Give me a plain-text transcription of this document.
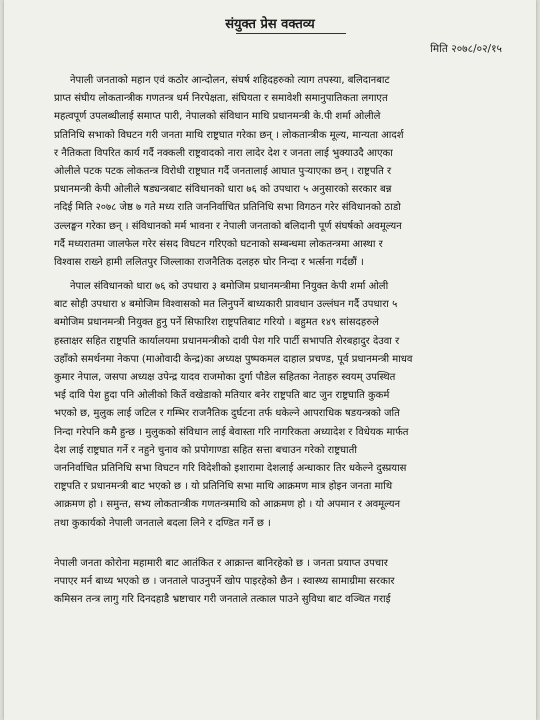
संयुक्त प्रेस वक्तव्य
मिति २०७८/०२/१५
नेपाली जनताको महान एवं कठोर आन्दोलन, संघर्ष शहिदहरुको त्याग तपस्या, बलिदानबाट
प्राप्त संघीय लोकतान्त्रीक गणतन्त्र धर्म निरपेक्षता, संघियता र समावेशी समानुपातिकता लगाएत
महत्वपूर्ण उपलब्धीलाई समाप्त पारी, नेपालको संविधान माथि प्रधानमन्त्री के.पी शर्मा ओलीले
प्रतिनिधि सभाको विघटन गरी जनता माथि राष्ट्रघात गरेका छन् । लोकतान्त्रीक मूल्य, मान्यता आदर्श
र नैतिकता विपरित कार्य गर्दै नक्कली राष्ट्रवादको नारा लादेर देश र जनता लाई भुक्याउदै आएका
ओलीले पटक पटक लोकतन्त्र विरोधी राष्ट्रघात गर्दै जनतालाई आघात पुऱ्याएका छन् । राष्ट्रपति र
प्रधानमन्त्री केपी ओलीले षड्यन्त्रबाट संविधानको धारा ७६ को उपधारा ५ अनुसारको सरकार बन्न
नदिई मिति २०७८ जेष्ठ ७ गते मध्य राति जननिर्वाचित प्रतिनिधि सभा विगठन गरेर संविधानको ठाडो
उल्लङ्घन गरेका छन् । संविधानको मर्म भावना र नेपाली जनताको बलिदानी पूर्ण संघर्षको अवमूल्यन
गर्दै मध्यरातमा जालफेल गरेर संसद विघटन गरिएको घटनाको सम्बन्धमा लोकतन्त्रमा आस्था र
विश्वास राख्ने हामी ललितपुर जिल्लाका राजनैतिक दलहरु घोर निन्दा र भर्त्सना गर्दछौं ।
नेपाल संविधानको धारा ७६ को उपधारा ३ बमोजिम प्रधानमन्त्रीमा नियुक्त केपी शर्मा ओली
बाट सोही उपधारा ४ बमोजिम विश्वासको मत लिनुपर्ने बाध्यकारी प्रावधान उल्लंघन गर्दै उपधारा ५
बमोजिम प्रधानमन्त्री नियुक्त हुनु पर्ने सिफारिश राष्ट्रपतिबाट गरियो । बहुमत १४९ सांसदहरुले
हस्ताक्षर सहित राष्ट्रपति कार्यालयमा प्रधानमन्त्रीको दावी पेश गरि पार्टी सभापति शेरबहादुर देउवा र
उहाँको समर्थनमा नेकपा (माओवादी केन्द्र)का अध्यक्ष पुष्पकमल दाहाल प्रचण्ड, पूर्व प्रधानमन्त्री माधव
कुमार नेपाल, जसपा अध्यक्ष उपेन्द्र यादव राजमोका दुर्गा पौडेल सहितका नेताहरु स्वयम् उपस्थित
भई दावि पेश हुदा पनि ओलीको किर्ते वखेडाको मतियार बनेर राष्ट्रपति बाट जुन राष्ट्रघाति कुकर्म
भएको छ, मुलुक लाई जटिल र गम्भिर राजनैतिक दुर्घटना तर्फ धकेल्ने आपराधिक षडयन्त्रको जति
निन्दा गरेपनि कमै हुन्छ । मुलुकको संविधान लाई बेवास्ता गरि नागरिकता अध्यादेश र विधेयक मार्फत
देश लाई राष्ट्रघात गर्ने र नहुने चुनाव को प्रपोगाण्डा सहित सत्ता बचाउन गरेको राष्ट्रघाती
जननिर्वाचित प्रतिनिधि सभा विघटन गरि विदेशीको इशारामा देशलाई अन्धाकार तिर धकेल्ने दुस्प्रयास
राष्ट्रपति र प्रधानमन्त्री बाट भएको छ । यो प्रतिनिधि सभा माथि आक्रमण मात्र होइन जनता माथि
आक्रमण हो । समुन्त, सभ्य लोकतान्त्रीक गणतन्त्रमाथि को आक्रमण हो । यो अपमान र अवमूल्यन
तथा कुकार्यको नेपाली जनताले बदला लिने र दण्डित गर्ने छ ।
नेपाली जनता कोरोना महामारी बाट आतंकित र आक्रान्त बानिरहेको छ । जनता प्रयाप्त उपचार
नपाएर मर्न बाध्य भएको छ । जनताले पाउनुपर्ने खोप पाइरहेको छैन । स्वास्थ्य सामाग्रीमा सरकार
कमिसन तन्त्र लागु गरि दिनदहाडै भ्रष्टाचार गरी जनताले तत्काल पाउने सुविधा बाट वञ्चित गराई
